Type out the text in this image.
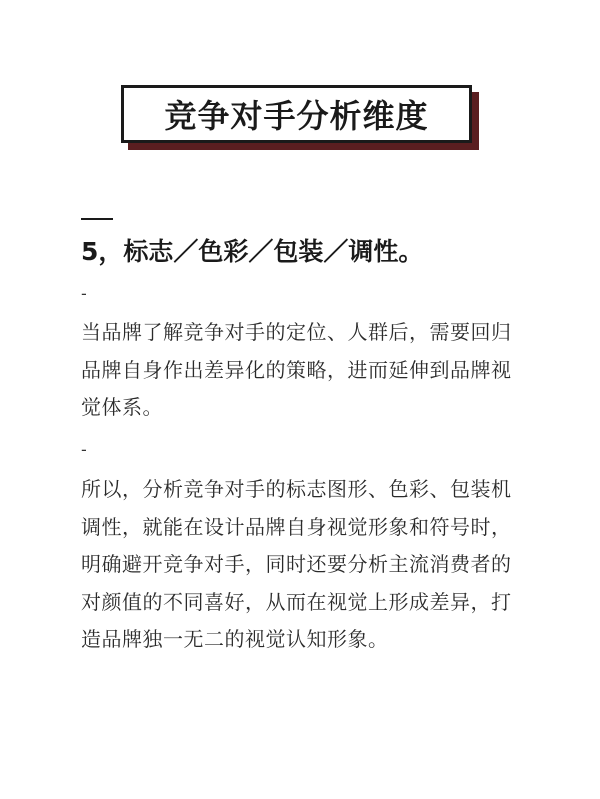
竞争对手分析维度
5，标志／色彩／包装／调性。
-
当品牌了解竞争对手的定位、人群后，需要回归品牌自身作出差异化的策略，进而延伸到品牌视觉体系。
-
所以，分析竞争对手的标志图形、色彩、包装机调性，就能在设计品牌自身视觉形象和符号时，明确避开竞争对手，同时还要分析主流消费者的对颜值的不同喜好，从而在视觉上形成差异，打造品牌独一无二的视觉认知形象。
